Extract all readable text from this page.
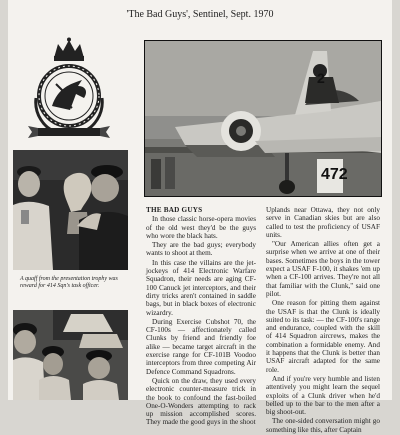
'The Bad Guys', Sentinel, Sept. 1970
A quaff from the presentation trophy was reward for 414 Sqn's task officer.
472
2

THE BAD GUYS

In those classic horse-opera movies of the old west they'd be the guys who wore the black hats.

They are the bad guys; everybody wants to shoot at them.

In this case the villains are the jet-jockeys of 414 Electronic Warfare Squadron, their needs are aging CF-100 Canuck jet interceptors, and their dirty tricks aren't contained in saddle bags, but in black boxes of electronic wizardry.

During Exercise Cubshot 70, the CF-100s — affectionately called Clunks by friend and friendly foe alike — became target aircraft in the exercise range for CF-101B Voodoo interceptors from three competing Air Defence Command Squadrons.

Quick on the draw, they used every electronic counter-measure trick in the book to confound the fast-boiled One-O-Wonders attempting to rack up mission accomplished scores. They made the good guys in the shoot

Uplands near Ottawa, they not only serve in Canadian skies but are also called to test the proficiency of USAF units.

"Our American allies often get a surprise when we arrive at one of their bases. Sometimes the boys in the tower expect a USAF F-100, it shakes 'em up when a CF-100 arrives. They're not all that familiar with the Clunk," said one pilot.

One reason for pitting them against the USAF is that the Clunk is ideally suited to its task: — the CF-100's range and endurance, coupled with the skill of 414 Squadron aircrews, makes the combination a formidable enemy. And it happens that the Clunk is better than USAF aircraft adapted for the same role.

And if you're very humble and listen attentively you might learn the sequel exploits of a Clunk driver when he'd belled up to the bar to the men after a big shoot-out.

The one-sided conversation might go something like this, after Captain
